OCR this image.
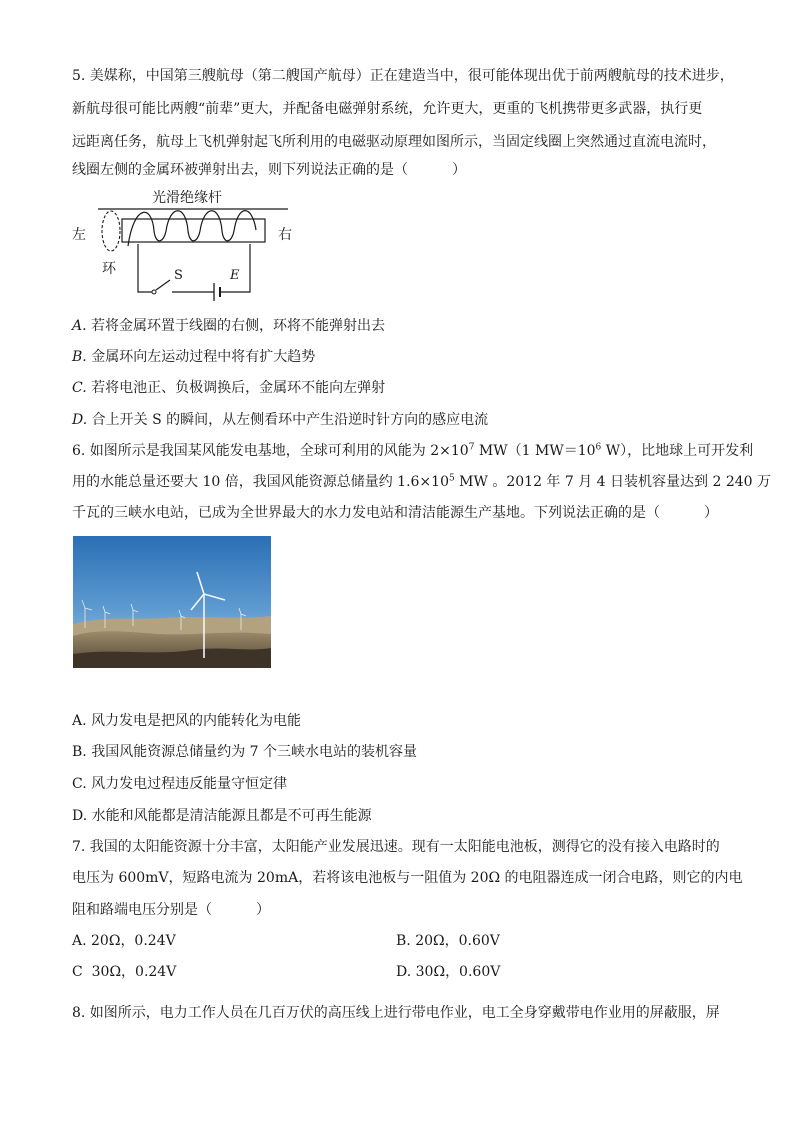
5. 美媒称，中国第三艘航母（第二艘国产航母）正在建造当中，很可能体现出优于前两艘航母的技术进步，
新航母很可能比两艘“前辈”更大，并配备电磁弹射系统，允许更大，更重的飞机携带更多武器，执行更
远距离任务，航母上飞机弹射起飞所利用的电磁驱动原理如图所示，当固定线圈上突然通过直流电流时，
线圈左侧的金属环被弹射出去，则下列说法正确的是（	）
光滑绝缘杆
左	右
环	S	E
A. 若将金属环置于线圈的右侧，环将不能弹射出去
B. 金属环向左运动过程中将有扩大趋势
C. 若将电池正、负极调换后，金属环不能向左弹射
D. 合上开关 S 的瞬间，从左侧看环中产生沿逆时针方向的感应电流
6. 如图所示是我国某风能发电基地，全球可利用的风能为 $2\times 10^7$ MW（1 $MW=10^6$ W），比地球上可开发利
用的水能总量还要大 10 倍，我国风能资源总储量约 $1.6\times 10^5$ MW 。2012 年 7 月 4 日装机容量达到 2 240 万
千瓦的三峡水电站，已成为全世界最大的水力发电站和清洁能源生产基地。下列说法正确的是（	）
A. 风力发电是把风的内能转化为电能
B. 我国风能资源总储量约为 7 个三峡水电站的装机容量
C. 风力发电过程违反能量守恒定律
D. 水能和风能都是清洁能源且都是不可再生能源
7. 我国的太阳能资源十分丰富，太阳能产业发展迅速。现有一太阳能电池板，测得它的没有接入电路时的
电压为 600mV，短路电流为 20mA，若将该电池板与一阻值为 20Ω 的电阻器连成一闭合电路，则它的内电
阻和路端电压分别是（	）
A. 20Ω，0.24V	B. 20Ω，0.60V
C 30Ω，0.24V	D. 30Ω，0.60V
8. 如图所示，电力工作人员在几百万伏的高压线上进行带电作业，电工全身穿戴带电作业用的屏蔽服，屏
